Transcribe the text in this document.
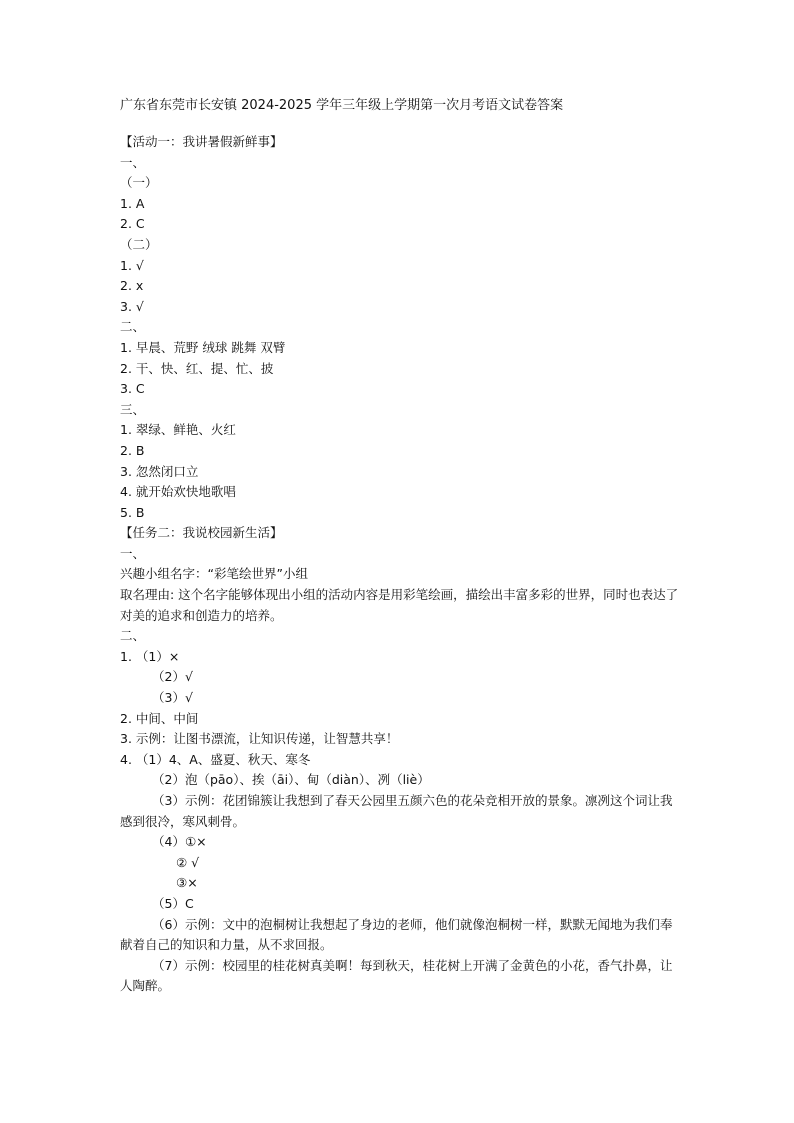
广东省东莞市长安镇 2024-2025 学年三年级上学期第一次月考语文试卷答案
【活动一：我讲暑假新鲜事】
一、
（一）
1. A
2. C
（二）
1. √
2. x
3. √
二、
1. 早晨、荒野 绒球 跳舞 双臂
2. 干、快、红、提、忙、披
3. C
三、
1. 翠绿、鲜艳、火红
2. B
3. 忽然闭口立
4. 就开始欢快地歌唱
5. B
【任务二：我说校园新生活】
一、
兴趣小组名字：“彩笔绘世界”小组
取名理由: 这个名字能够体现出小组的活动内容是用彩笔绘画，描绘出丰富多彩的世界，同时也表达了对美的追求和创造力的培养。
二、
1. （1）×
（2）√
（3）√
2. 中间、中间
3. 示例：让图书漂流，让知识传递，让智慧共享！
4. （1）4、A、盛夏、秋天、寒冬
（2）泡（pāo）、挨（āi）、甸（diàn）、冽（liè）
（3）示例：花团锦簇让我想到了春天公园里五颜六色的花朵竞相开放的景象。凛冽这个词让我感到很冷，寒风刺骨。
（4）①×
② √
③×
（5）C
（6）示例：文中的泡桐树让我想起了身边的老师，他们就像泡桐树一样，默默无闻地为我们奉献着自己的知识和力量，从不求回报。
（7）示例：校园里的桂花树真美啊！每到秋天，桂花树上开满了金黄色的小花，香气扑鼻，让人陶醉。
